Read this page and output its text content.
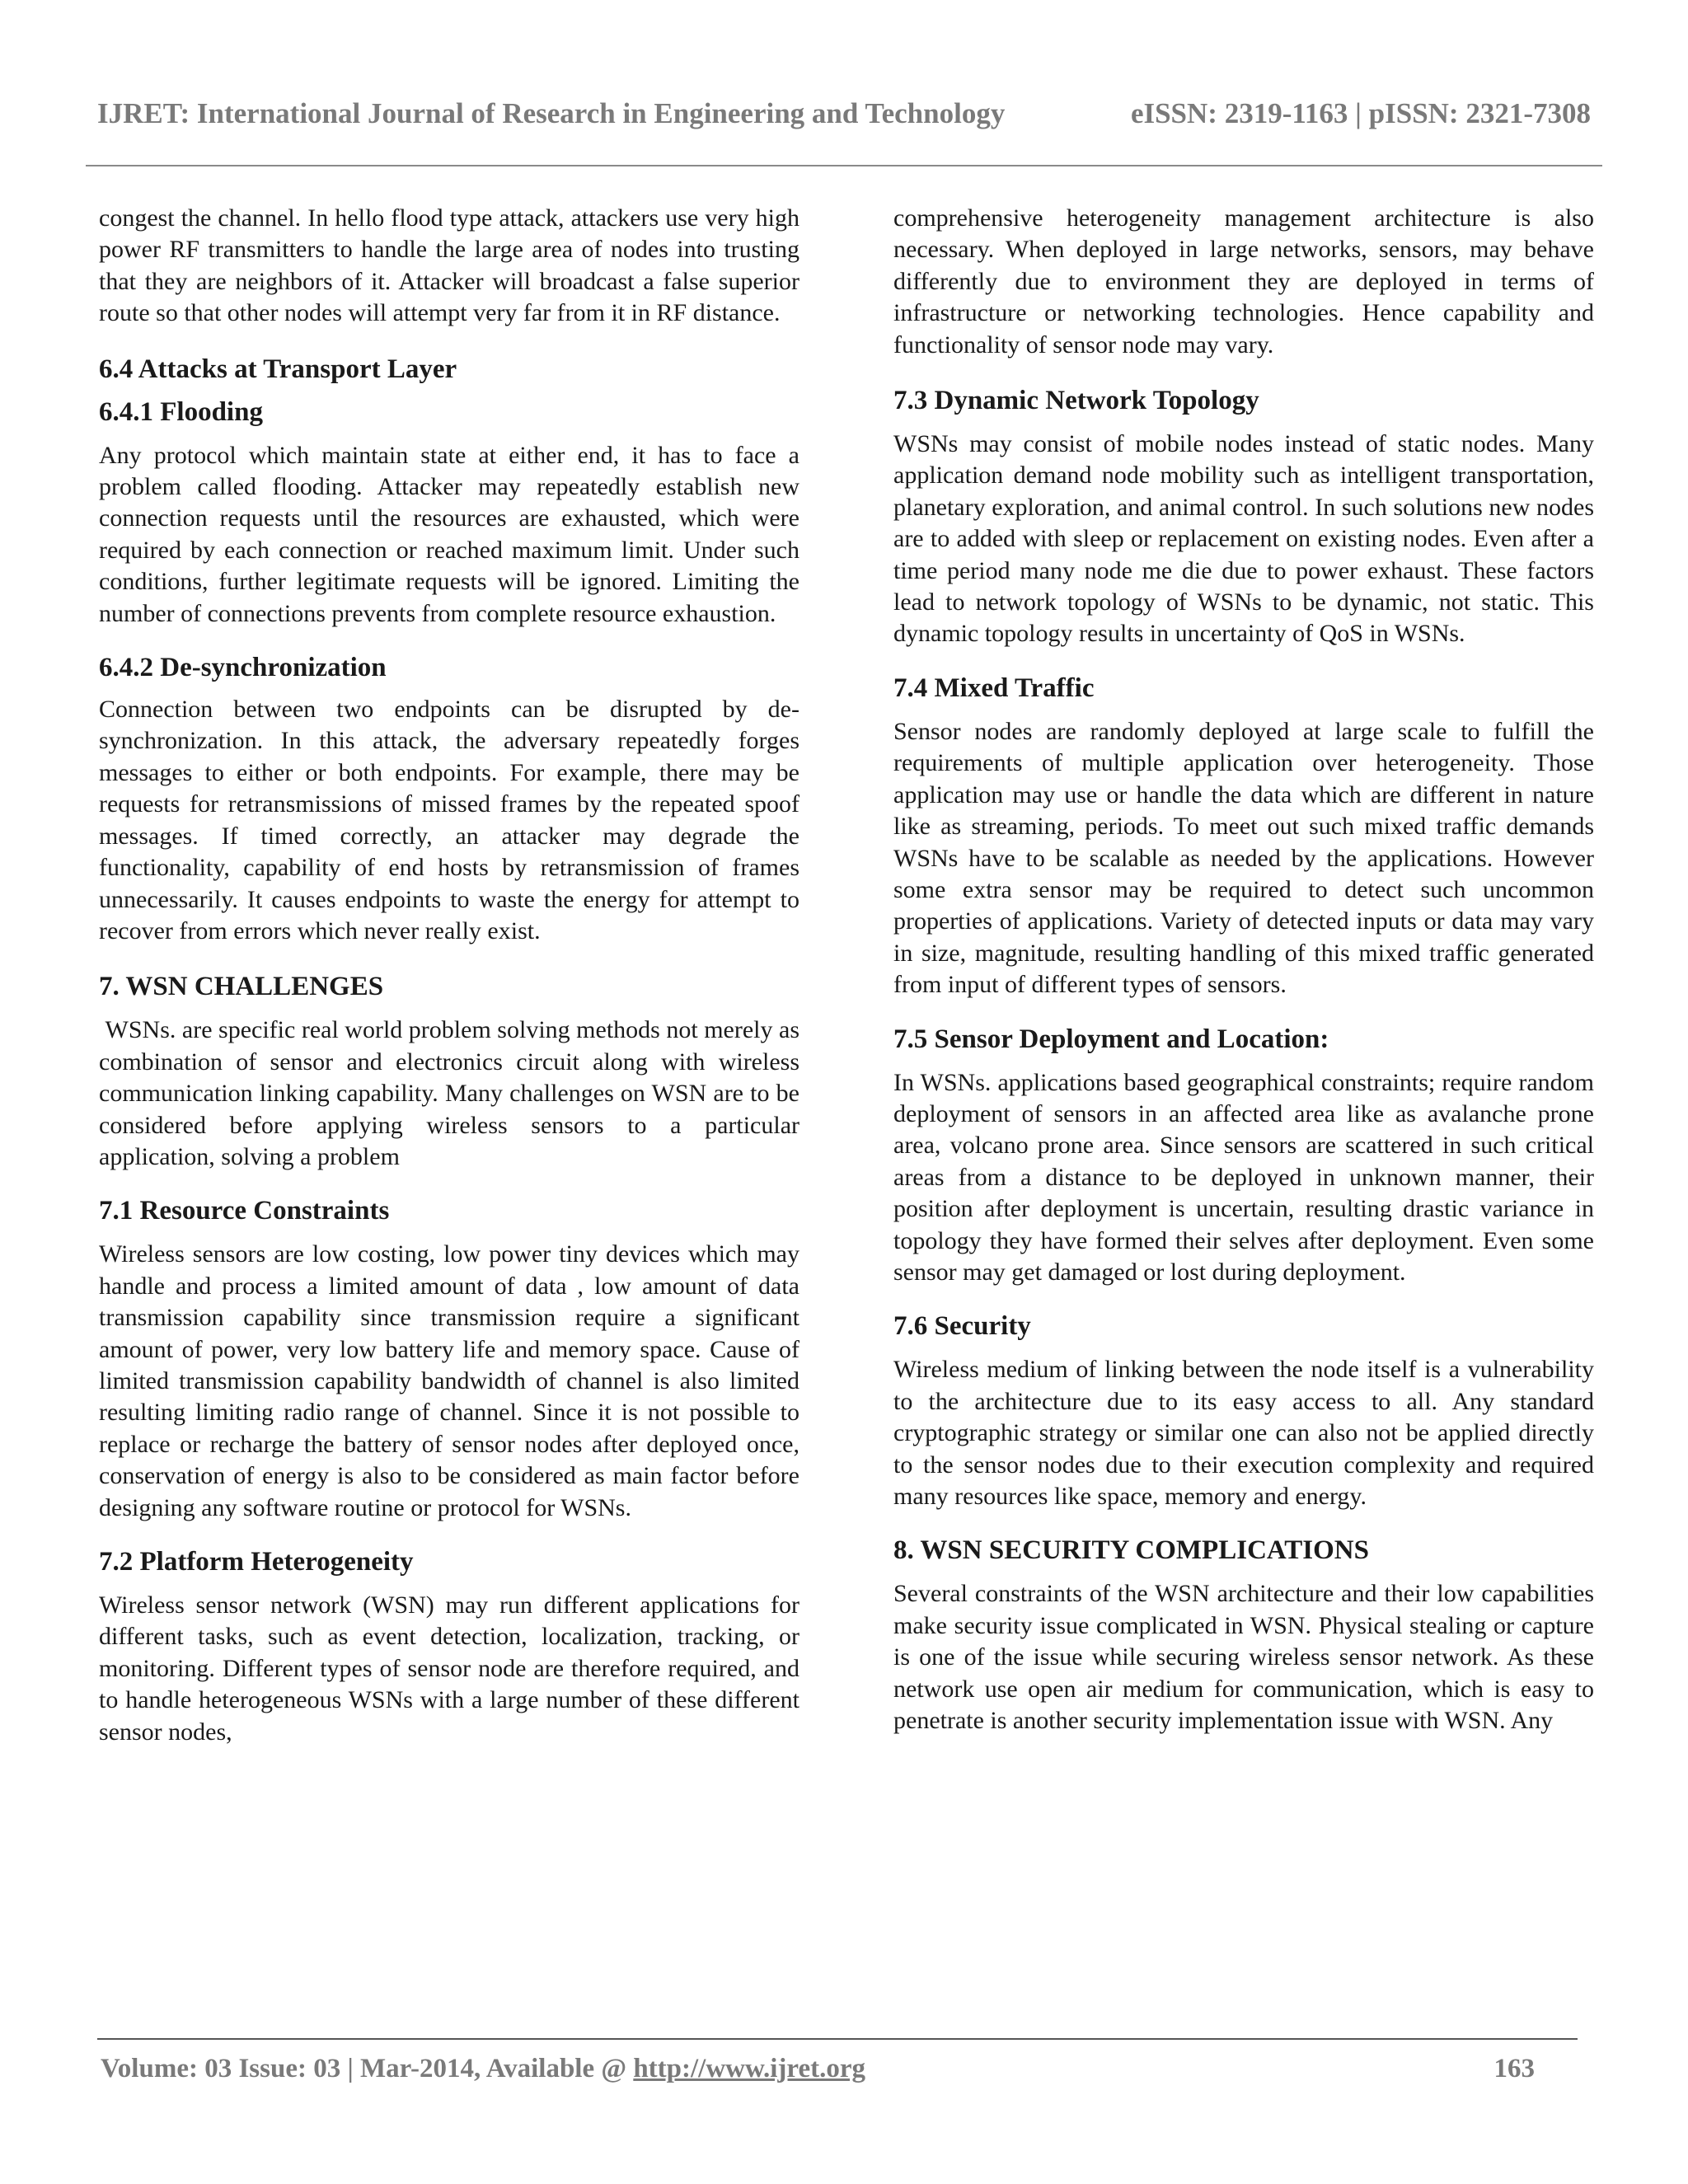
IJRET: International Journal of Research in Engineering and Technology	eISSN: 2319-1163 | pISSN: 2321-7308

congest the channel. In hello flood type attack, attackers use very high power RF transmitters to handle the large area of nodes into trusting that they are neighbors of it. Attacker will broadcast a false superior route so that other nodes will attempt very far from it in RF distance.

6.4 Attacks at Transport Layer
6.4.1 Flooding

Any protocol which maintain state at either end, it has to face a problem called flooding. Attacker may repeatedly establish new connection requests until the resources are exhausted, which were required by each connection or reached maximum limit. Under such conditions, further legitimate requests will be ignored. Limiting the number of connections prevents from complete resource exhaustion.

6.4.2 De-synchronization

Connection between two endpoints can be disrupted by de-synchronization. In this attack, the adversary repeatedly forges messages to either or both endpoints. For example, there may be requests for retransmissions of missed frames by the repeated spoof messages. If timed correctly, an attacker may degrade the functionality, capability of end hosts by retransmission of frames unnecessarily. It causes endpoints to waste the energy for attempt to recover from errors which never really exist.

7. WSN CHALLENGES

WSNs. are specific real world problem solving methods not merely as combination of sensor and electronics circuit along with wireless communication linking capability. Many challenges on WSN are to be considered before applying wireless sensors to a particular application, solving a problem

7.1 Resource Constraints

Wireless sensors are low costing, low power tiny devices which may handle and process a limited amount of data , low amount of data transmission capability since transmission require a significant amount of power, very low battery life and memory space. Cause of limited transmission capability bandwidth of channel is also limited resulting limiting radio range of channel. Since it is not possible to replace or recharge the battery of sensor nodes after deployed once, conservation of energy is also to be considered as main factor before designing any software routine or protocol for WSNs.

7.2 Platform Heterogeneity

Wireless sensor network (WSN) may run different applications for different tasks, such as event detection, localization, tracking, or monitoring. Different types of sensor node are therefore required, and to handle heterogeneous WSNs with a large number of these different sensor nodes,

comprehensive heterogeneity management architecture is also necessary. When deployed in large networks, sensors, may behave differently due to environment they are deployed in terms of infrastructure or networking technologies. Hence capability and functionality of sensor node may vary.

7.3 Dynamic Network Topology

WSNs may consist of mobile nodes instead of static nodes. Many application demand node mobility such as intelligent transportation, planetary exploration, and animal control. In such solutions new nodes are to added with sleep or replacement on existing nodes. Even after a time period many node me die due to power exhaust. These factors lead to network topology of WSNs to be dynamic, not static. This dynamic topology results in uncertainty of QoS in WSNs.

7.4 Mixed Traffic

Sensor nodes are randomly deployed at large scale to fulfill the requirements of multiple application over heterogeneity. Those application may use or handle the data which are different in nature like as streaming, periods. To meet out such mixed traffic demands WSNs have to be scalable as needed by the applications. However some extra sensor may be required to detect such uncommon properties of applications. Variety of detected inputs or data may vary in size, magnitude, resulting handling of this mixed traffic generated from input of different types of sensors.

7.5 Sensor Deployment and Location:

In WSNs. applications based geographical constraints; require random deployment of sensors in an affected area like as avalanche prone area, volcano prone area. Since sensors are scattered in such critical areas from a distance to be deployed in unknown manner, their position after deployment is uncertain, resulting drastic variance in topology they have formed their selves after deployment. Even some sensor may get damaged or lost during deployment.

7.6 Security

Wireless medium of linking between the node itself is a vulnerability to the architecture due to its easy access to all. Any standard cryptographic strategy or similar one can also not be applied directly to the sensor nodes due to their execution complexity and required many resources like space, memory and energy.

8. WSN SECURITY COMPLICATIONS

Several constraints of the WSN architecture and their low capabilities make security issue complicated in WSN. Physical stealing or capture is one of the issue while securing wireless sensor network. As these network use open air medium for communication, which is easy to penetrate is another security implementation issue with WSN. Any

Volume: 03 Issue: 03 | Mar-2014, Available @ http://www.ijret.org	163
